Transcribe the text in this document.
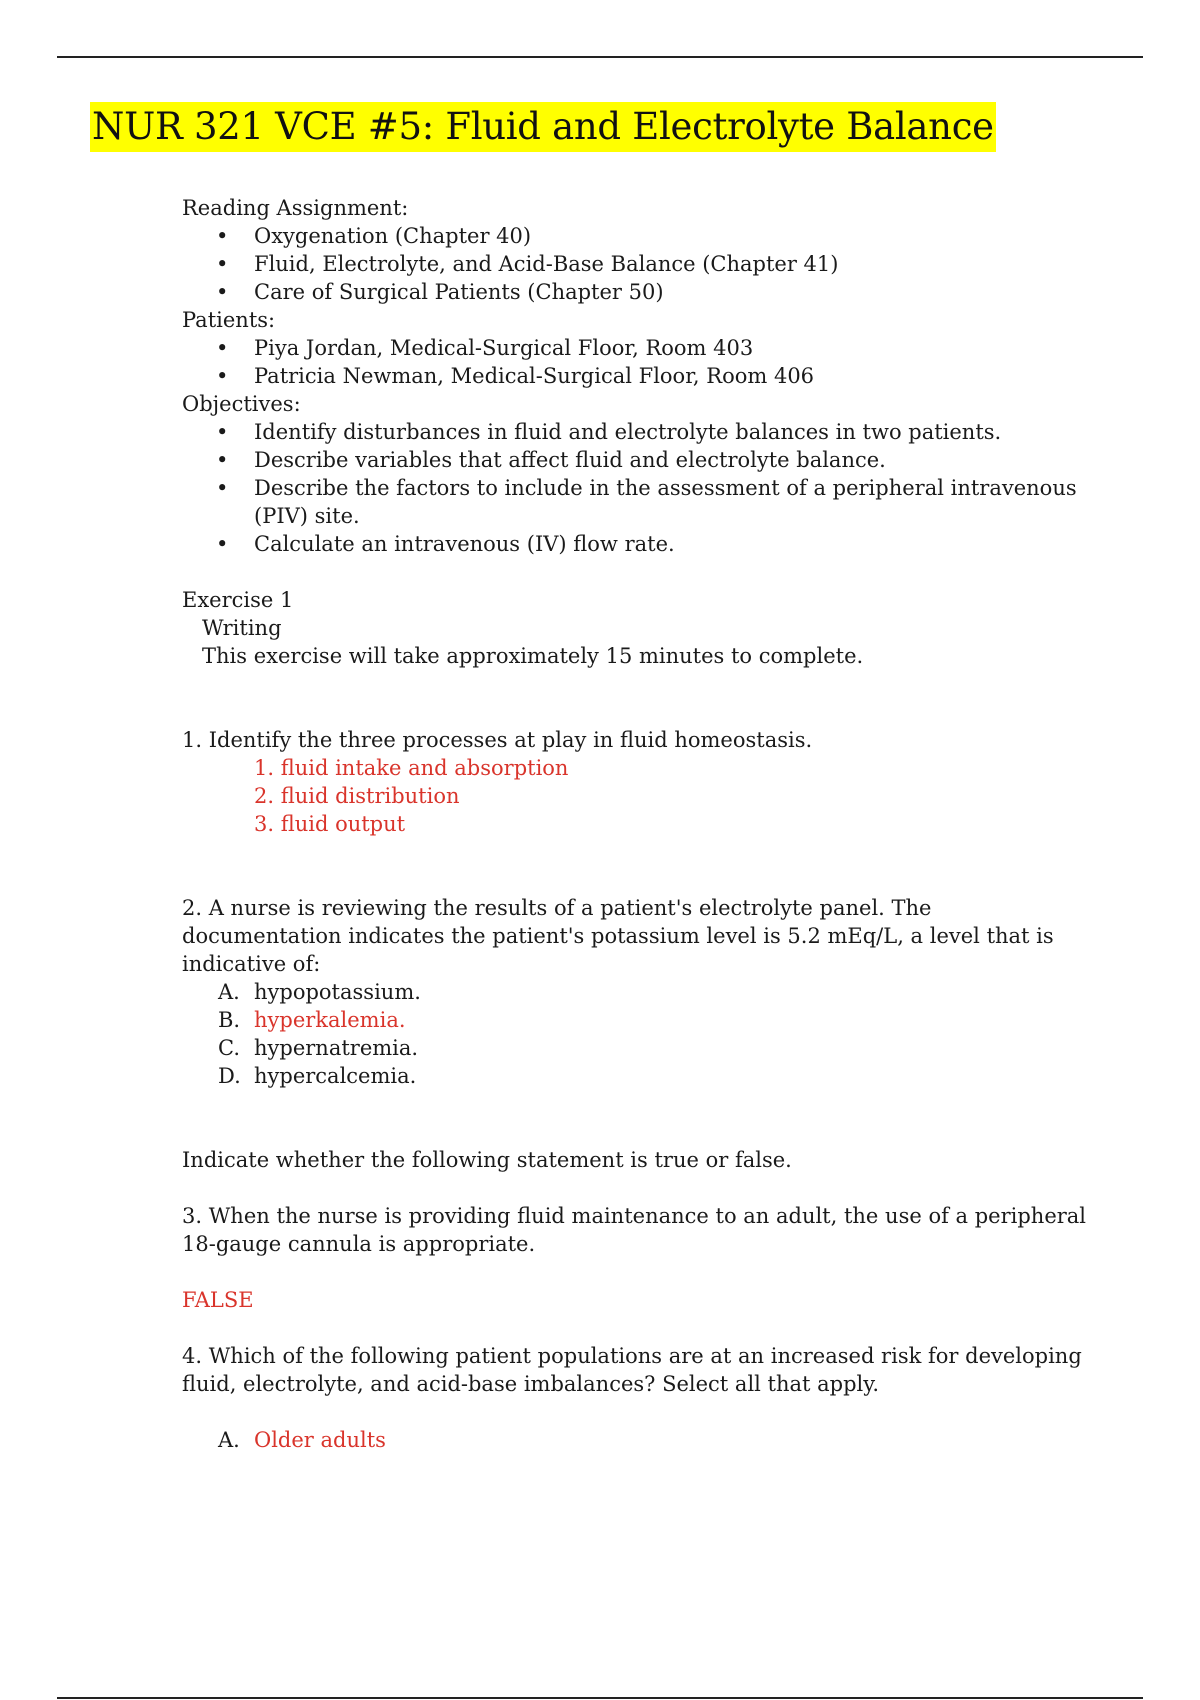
NUR 321 VCE #5: Fluid and Electrolyte Balance
Reading Assignment:
• Oxygenation (Chapter 40)
• Fluid, Electrolyte, and Acid-Base Balance (Chapter 41)
• Care of Surgical Patients (Chapter 50)
Patients:
• Piya Jordan, Medical-Surgical Floor, Room 403
• Patricia Newman, Medical-Surgical Floor, Room 406
Objectives:
• Identify disturbances in fluid and electrolyte balances in two patients.
• Describe variables that affect fluid and electrolyte balance.
• Describe the factors to include in the assessment of a peripheral intravenous
(PIV) site.
• Calculate an intravenous (IV) flow rate.
Exercise 1
Writing
This exercise will take approximately 15 minutes to complete.
1. Identify the three processes at play in fluid homeostasis.
1. fluid intake and absorption
2. fluid distribution
3. fluid output
2. A nurse is reviewing the results of a patient's electrolyte panel. The
documentation indicates the patient's potassium level is 5.2 mEq/L, a level that is
indicative of:
A. hypopotassium.
B. hyperkalemia.
C. hypernatremia.
D. hypercalcemia.
Indicate whether the following statement is true or false.
3. When the nurse is providing fluid maintenance to an adult, the use of a peripheral
18-gauge cannula is appropriate.
FALSE
4. Which of the following patient populations are at an increased risk for developing
fluid, electrolyte, and acid-base imbalances? Select all that apply.
A. Older adults
